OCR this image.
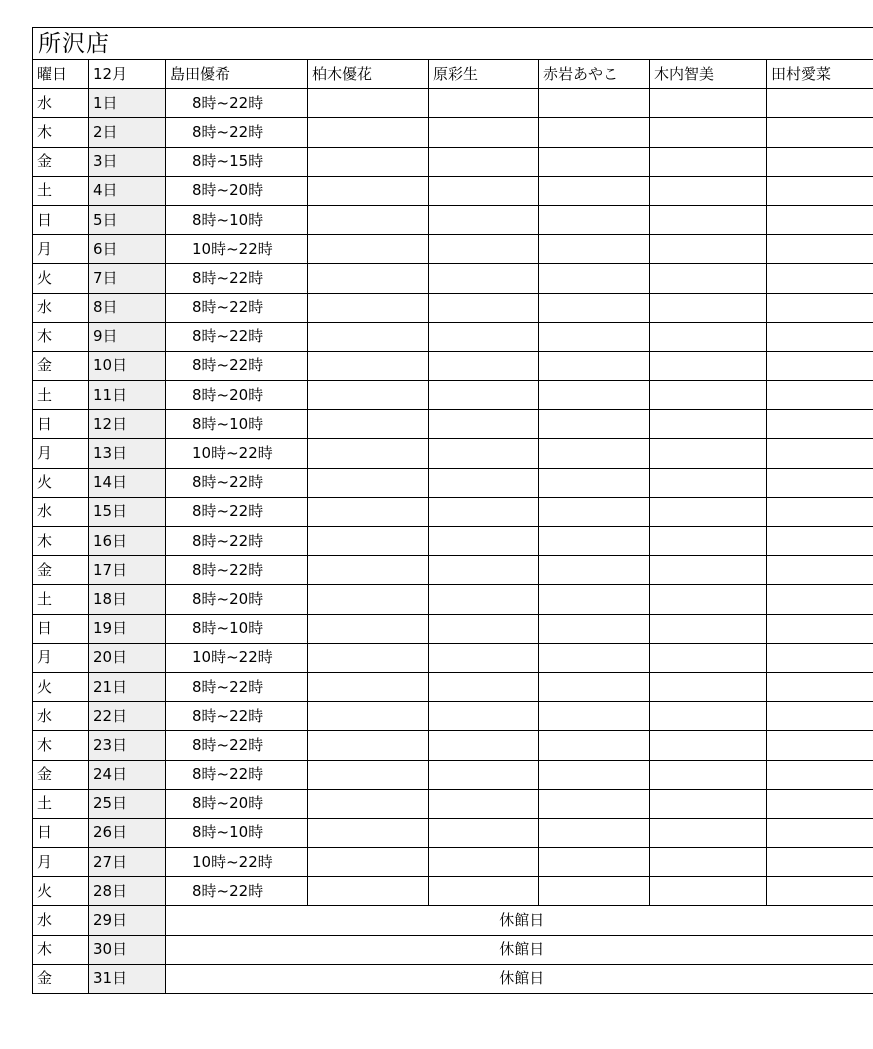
所沢店
曜日	12月	島田優希	柏木優花	原彩生	赤岩あやこ	木内智美	田村愛菜
水	1日	8時~22時					
木	2日	8時~22時					
金	3日	8時~15時					
土	4日	8時~20時					
日	5日	8時~10時					
月	6日	10時~22時					
火	7日	8時~22時					
水	8日	8時~22時					
木	9日	8時~22時					
金	10日	8時~22時					
土	11日	8時~20時					
日	12日	8時~10時					
月	13日	10時~22時					
火	14日	8時~22時					
水	15日	8時~22時					
木	16日	8時~22時					
金	17日	8時~22時					
土	18日	8時~20時					
日	19日	8時~10時					
月	20日	10時~22時					
火	21日	8時~22時					
水	22日	8時~22時					
木	23日	8時~22時					
金	24日	8時~22時					
土	25日	8時~20時					
日	26日	8時~10時					
月	27日	10時~22時					
火	28日	8時~22時					
水	29日	休館日					
木	30日	休館日					
金	31日	休館日					
